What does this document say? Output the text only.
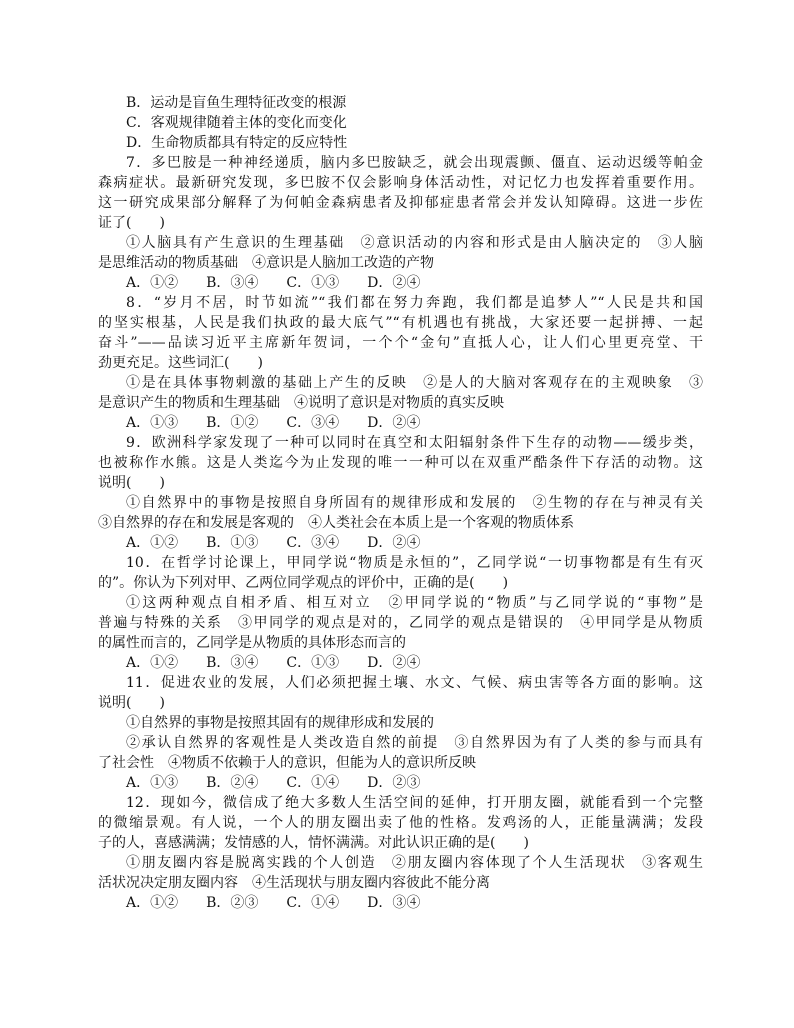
B．运动是盲鱼生理特征改变的根源
C．客观规律随着主体的变化而变化
D．生命物质都具有特定的反应特性
7．多巴胺是一种神经递质，脑内多巴胺缺乏，就会出现震颤、僵直、运动迟缓等帕金
森病症状。最新研究发现，多巴胺不仅会影响身体活动性，对记忆力也发挥着重要作用。
这一研究成果部分解释了为何帕金森病患者及抑郁症患者常会并发认知障碍。这进一步佐
证了(　　)
①人脑具有产生意识的生理基础　②意识活动的内容和形式是由人脑决定的　③人脑
是思维活动的物质基础　④意识是人脑加工改造的产物
A．①②　　B．③④　　C．①③　　D．②④
8．“岁月不居，时节如流”“我们都在努力奔跑，我们都是追梦人”“人民是共和国
的坚实根基，人民是我们执政的最大底气”“有机遇也有挑战，大家还要一起拼搏、一起
奋斗”——品读习近平主席新年贺词，一个个“金句”直抵人心，让人们心里更亮堂、干
劲更充足。这些词汇(　　)
①是在具体事物刺激的基础上产生的反映　②是人的大脑对客观存在的主观映象　③
是意识产生的物质和生理基础　④说明了意识是对物质的真实反映
A．①③　　B．①②　　C．③④　　D．②④
9．欧洲科学家发现了一种可以同时在真空和太阳辐射条件下生存的动物——缓步类，
也被称作水熊。这是人类迄今为止发现的唯一一种可以在双重严酷条件下存活的动物。这
说明(　　)
①自然界中的事物是按照自身所固有的规律形成和发展的　②生物的存在与神灵有关
③自然界的存在和发展是客观的　④人类社会在本质上是一个客观的物质体系
A．①②　　B．①③　　C．③④　　D．②④
10．在哲学讨论课上，甲同学说“物质是永恒的”，乙同学说“一切事物都是有生有灭
的”。你认为下列对甲、乙两位同学观点的评价中，正确的是(　　)
①这两种观点自相矛盾、相互对立　②甲同学说的“物质”与乙同学说的“事物”是
普遍与特殊的关系　③甲同学的观点是对的，乙同学的观点是错误的　④甲同学是从物质
的属性而言的，乙同学是从物质的具体形态而言的
A．①②　　B．③④　　C．①③　　D．②④
11．促进农业的发展，人们必须把握土壤、水文、气候、病虫害等各方面的影响。这
说明(　　)
①自然界的事物是按照其固有的规律形成和发展的
②承认自然界的客观性是人类改造自然的前提　③自然界因为有了人类的参与而具有
了社会性　④物质不依赖于人的意识，但能为人的意识所反映
A．①③　　B．②④　　C．①④　　D．②③
12．现如今，微信成了绝大多数人生活空间的延伸，打开朋友圈，就能看到一个完整
的微缩景观。有人说，一个人的朋友圈出卖了他的性格。发鸡汤的人，正能量满满；发段
子的人，喜感满满；发情感的人，情怀满满。对此认识正确的是(　　)
①朋友圈内容是脱离实践的个人创造　②朋友圈内容体现了个人生活现状　③客观生
活状况决定朋友圈内容　④生活现状与朋友圈内容彼此不能分离
A．①②　　B．②③　　C．①④　　D．③④
